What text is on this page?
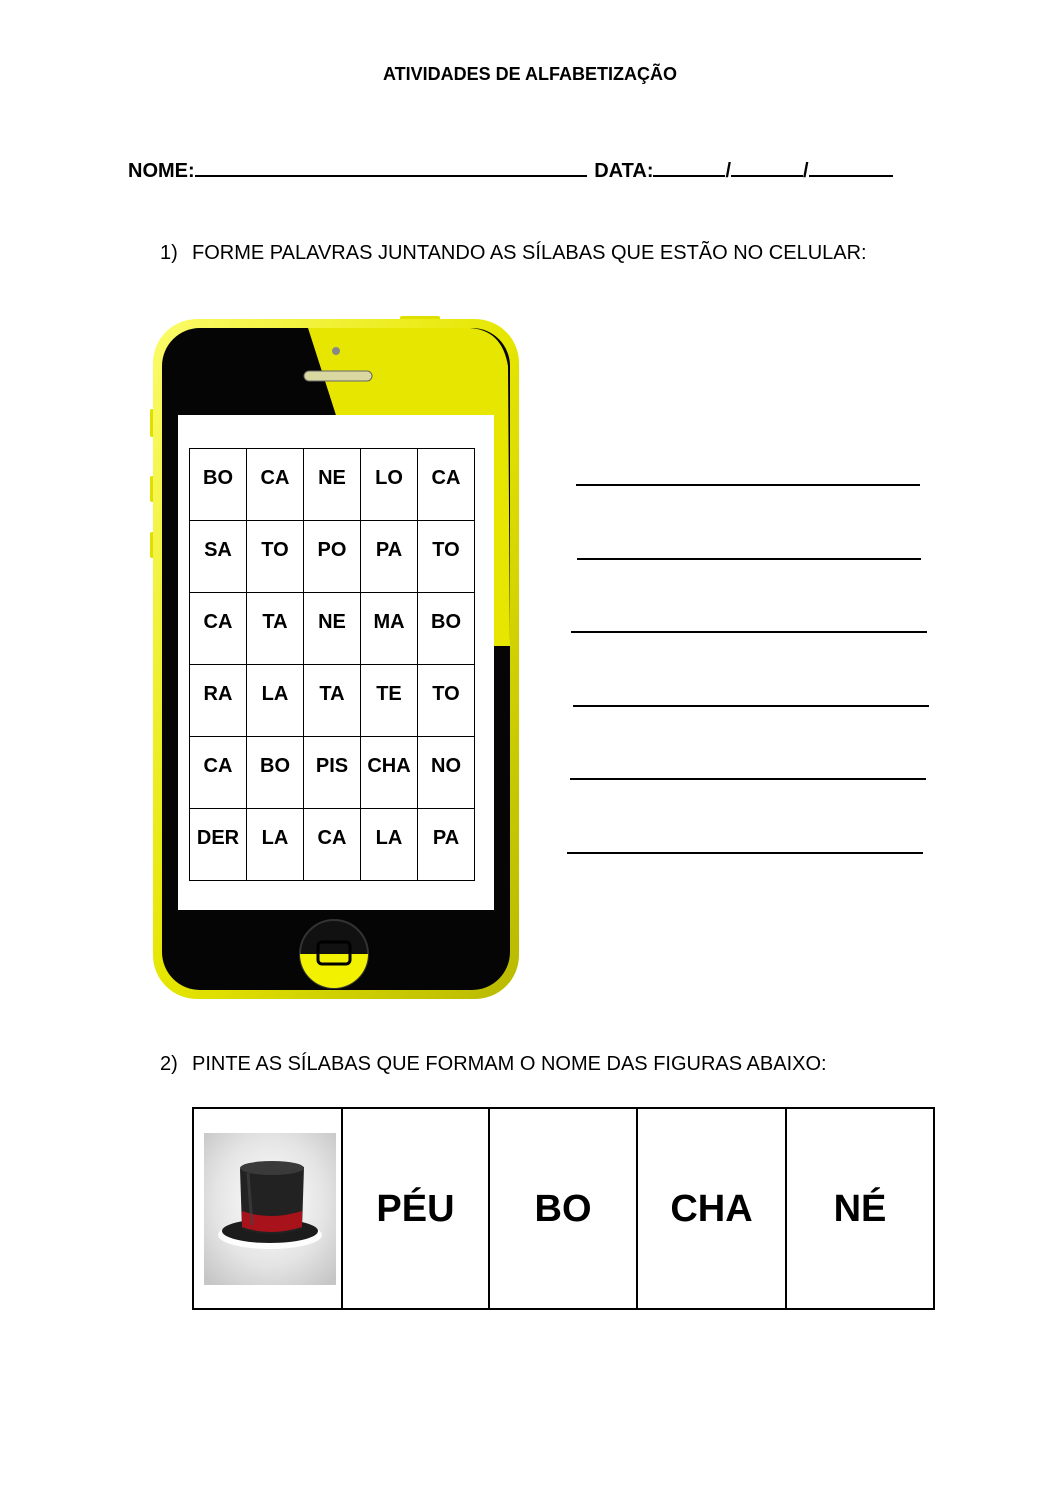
ATIVIDADES DE ALFABETIZAÇÃO
NOME:	DATA:	/	/
1) FORME PALAVRAS JUNTANDO AS SÍLABAS QUE ESTÃO NO CELULAR:
BO	CA	NE	LO	CA
SA	TO	PO	PA	TO
CA	TA	NE	MA	BO
RA	LA	TA	TE	TO
CA	BO	PIS	CHA	NO
DER	LA	CA	LA	PA
2) PINTE AS SÍLABAS QUE FORMAM O NOME DAS FIGURAS ABAIXO:
	PÉU	BO	CHA	NÉ
